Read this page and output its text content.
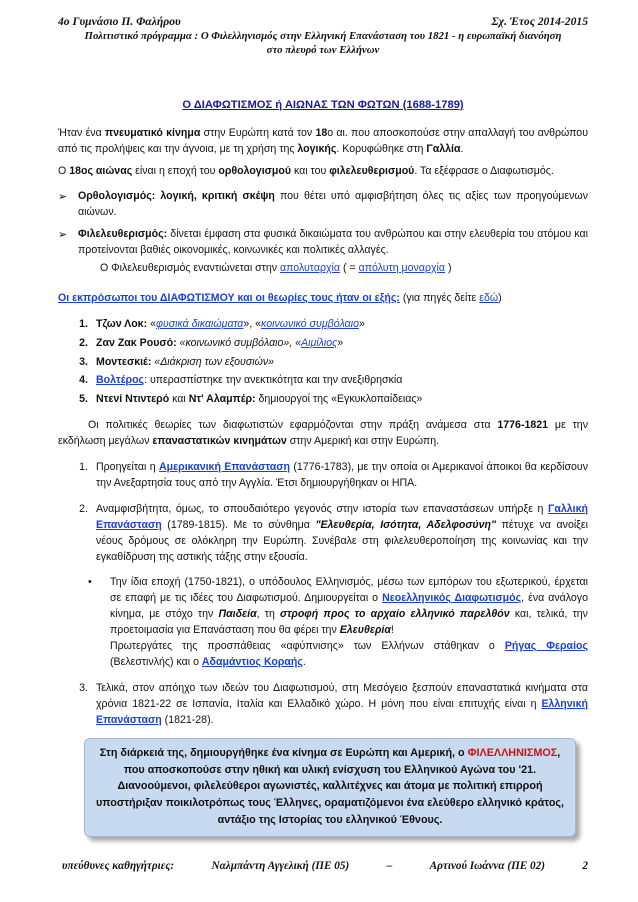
4ο Γυμνάσιο Π. Φαλήρου	Σχ. Έτος 2014-2015
Πολιτιστικό πρόγραμμα : Ο Φιλελληνισμός στην Ελληνική Επανάσταση του 1821 - η ευρωπαϊκή διανόηση
στο πλευρό των Ελλήνων
Ο ΔΙΑΦΩΤΙΣΜΟΣ ή ΑΙΩΝΑΣ ΤΩΝ ΦΩΤΩΝ (1688-1789)

Ήταν ένα πνευματικό κίνημα στην Ευρώπη κατά τον 18ο αι. που αποσκοπούσε στην απαλλαγή του ανθρώπου από τις προλήψεις και την άγνοια, με τη χρήση της λογικής. Κορυφώθηκε στη Γαλλία.

Ο 18ος αιώνας είναι η εποχή του ορθολογισμού και του φιλελευθερισμού. Τα εξέφρασε ο Διαφωτισμός.

➢	Ορθολογισμός: λογική, κριτική σκέψη που θέτει υπό αμφισβήτηση όλες τις αξίες των προηγούμενων αιώνων.
➢	Φιλελευθερισμός: δίνεται έμφαση στα φυσικά δικαιώματα του ανθρώπου και στην ελευθερία του ατόμου και προτείνονται βαθιές οικονομικές, κοινωνικές και πολιτικές αλλαγές.
Ο Φιλελευθερισμός εναντιώνεται στην απολυταρχία ( = απόλυτη μοναρχία )

Οι εκπρόσωποι του ΔΙΑΦΩΤΙΣΜΟΥ και οι θεωρίες τους ήταν οι εξής: (για πηγές δείτε εδώ)

1. Τζων Λοκ: «φυσικά δικαιώματα», «κοινωνικό συμβόλαιο»
2. Ζαν Ζακ Ρουσό: «κοινωνικό συμβόλαιο», «Αιμίλιος»
3. Μοντεσκιέ: «Διάκριση των εξουσιών»
4. Βολτέρος: υπερασπίστηκε την ανεκτικότητα και την ανεξιθρησκία
5. Ντενί Ντιντερό και Ντ' Αλαμπέρ: δημιουργοί της «Εγκυκλοπαίδειας»

Οι πολιτικές θεωρίες των διαφωτιστών εφαρμόζονται στην πράξη ανάμεσα στα 1776-1821 με την εκδήλωση μεγάλων επαναστατικών κινημάτων στην Αμερική και στην Ευρώπη.

1. Προηγείται η Αμερικανική Επανάσταση (1776-1783), με την οποία οι Αμερικανοί άποικοι θα κερδίσουν την Ανεξαρτησία τους από την Αγγλία. Έτσι δημιουργήθηκαν οι ΗΠΑ.
2. Αναμφισβήτητα, όμως, το σπουδαιότερο γεγονός στην ιστορία των επαναστάσεων υπήρξε η Γαλλική Επανάσταση (1789-1815). Με το σύνθημα "Ελευθερία, Ισότητα, Αδελφοσύνη" πέτυχε να ανοίξει νέους δρόμους σε ολόκληρη την Ευρώπη. Συνέβαλε στη φιλελευθεροποίηση της κοινωνίας και την εγκαθίδρυση της αστικής τάξης στην εξουσία.
•	Την ίδια εποχή (1750-1821), ο υπόδουλος Ελληνισμός, μέσω των εμπόρων του εξωτερικού, έρχεται σε επαφή με τις ιδέες του Διαφωτισμού. Δημιουργείται ο Νεοελληνικός Διαφωτισμός, ένα ανάλογο κίνημα, με στόχο την Παιδεία, τη στροφή προς το αρχαίο ελληνικό παρελθόν και, τελικά, την προετοιμασία για Επανάσταση που θα φέρει την Ελευθερία!
Πρωτεργάτες της προσπάθειας «αφύπνισης» των Ελλήνων στάθηκαν ο Ρήγας Φεραίος (Βελεστινλής) και ο Αδαμάντιος Κοραής.
3. Τελικά, στον απόηχο των ιδεών του Διαφωτισμού, στη Μεσόγειο ξεσπούν επαναστατικά κινήματα στα χρόνια 1821-22 σε Ισπανία, Ιταλία και Ελλαδικό χώρο. Η μόνη που είναι επιτυχής είναι η Ελληνική Επανάσταση (1821-28).
Στη διάρκειά της, δημιουργήθηκε ένα κίνημα σε Ευρώπη και Αμερική, ο ΦΙΛΕΛΛΗΝΙΣΜΟΣ, που αποσκοπούσε στην ηθική και υλική ενίσχυση του Ελληνικού Αγώνα του '21. Διανοούμενοι, φιλελεύθεροι αγωνιστές, καλλιτέχνες και άτομα με πολιτική επιρροή υποστήριξαν ποικιλοτρόπως τους Έλληνες, οραματιζόμενοι ένα ελεύθερο ελληνικό κράτος, αντάξιο της Ιστορίας του ελληνικού Έθνους.
υπεύθυνες καθηγήτριες:	Ναλμπάντη Αγγελική (ΠΕ 05)	–	Αρτινού Ιωάννα (ΠΕ 02)	2
